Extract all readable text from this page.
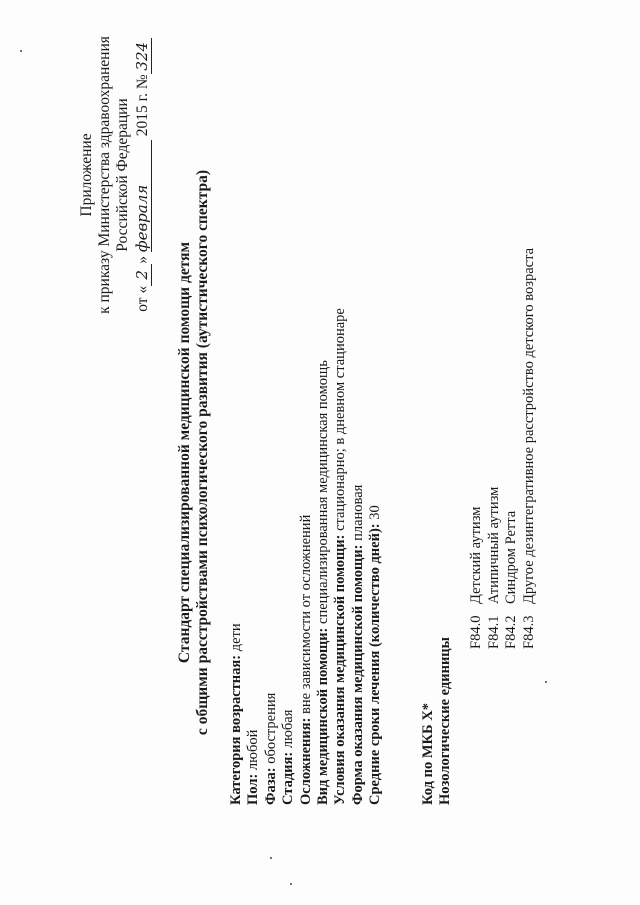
Приложение к приказу Министерства здравоохранения Российской Федерации
от «2» февраля 2015 г. №324
Стандарт специализированной медицинской помощи детям с общими расстройствами психологического развития (аутистического спектра) Категория возрастная: дети
Пол: любой
Фаза: обострения
Стадия: любая Осложнения: вне зависимости от осложнений Вид медицинской помощи: специализированная медицинская помощь
Условия оказания медицинской помощи: стационарно; в дневном стационаре
Форма оказания медицинской помощи: плановая
Средние сроки лечения (количество дней): 30
Код по МКБ X* Нозологические единицы
F84.0Детский аутизм
F84.1Атипичный аутизм
F84.2Синдром Ретта
F84.3Другое дезинтегративное расстройство детского возраста
